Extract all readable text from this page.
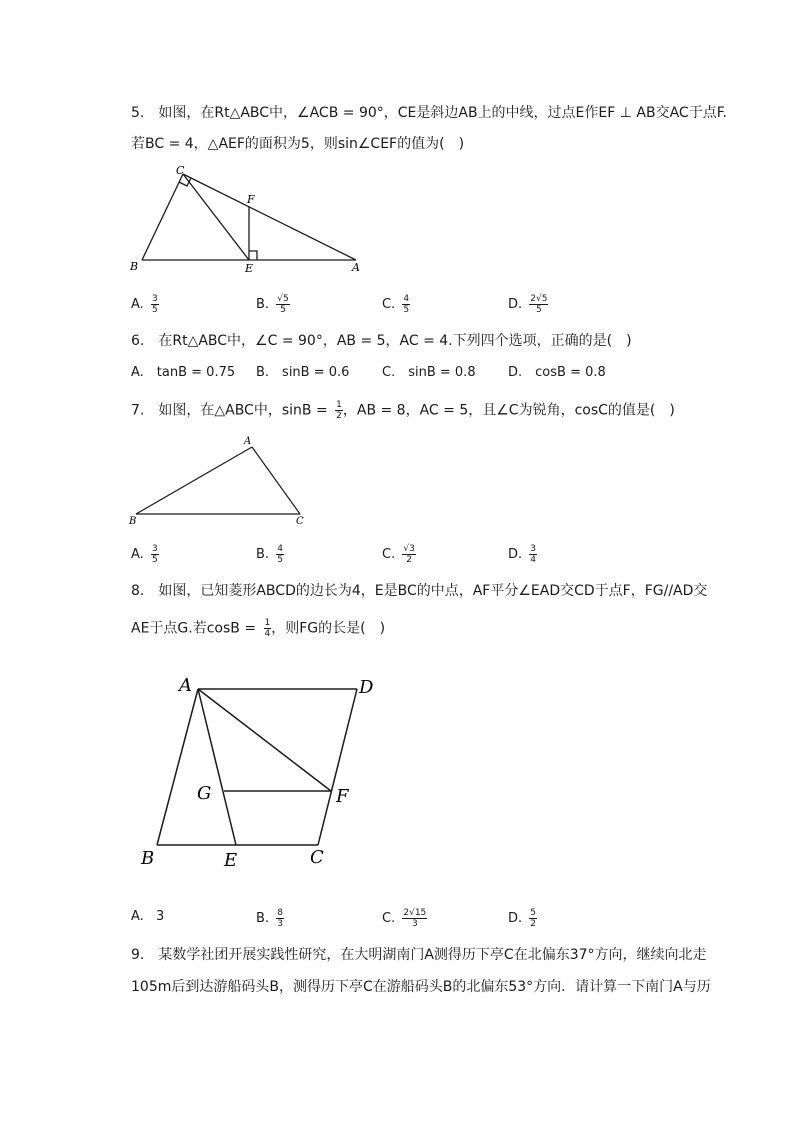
5.　如图，在Rt△ABC中，∠ACB = 90°，CE是斜边AB上的中线，过点E作EF ⊥ AB交AC于点F.
若BC = 4，△AEF的面积为5，则sin∠CEF的值为(　)
C
F
B	E	A
A. $\frac{3}{5}$	B. $\frac{√5}{5}$	C. $\frac{4}{5}$	D. $\frac{2√5}{5}$
6.　在Rt△ABC中，∠C = 90°，AB = 5，AC = 4.下列四个选项，正确的是(　)
A.　tanB = 0.75 B.　sinB = 0.6	C.　sinB = 0.8 D.　cosB = 0.8
7.　如图，在△ABC中，$\sin B = \frac{1}{2}$ ，AB = 8，AC = 5，且∠C为锐角，cosC的值是(　)
A
B	C
A. $\frac{3}{5}$	B. $\frac{4}{5}$	C. $\frac{√3}{2}$	D. $\frac{3}{4}$
8.　如图，已知菱形ABCD的边长为4，E是BC的中点，AF平分∠EAD交CD于点F，FG//AD交
AE于点G.若$\cos B = \frac{1}{4}$ ，则FG的长是(　)
A	D
G	F
B	E	C
A. 3	B. $\frac{8}{3}$	C. $\frac{2√15}{3}$	D. $\frac{5}{2}$
9.　某数学社团开展实践性研究，在大明湖南门A测得历下亭C在北偏东37°方向，继续向北走
105m后到达游船码头B，测得历下亭C在游船码头B的北偏东53°方向．请计算一下南门A与历
